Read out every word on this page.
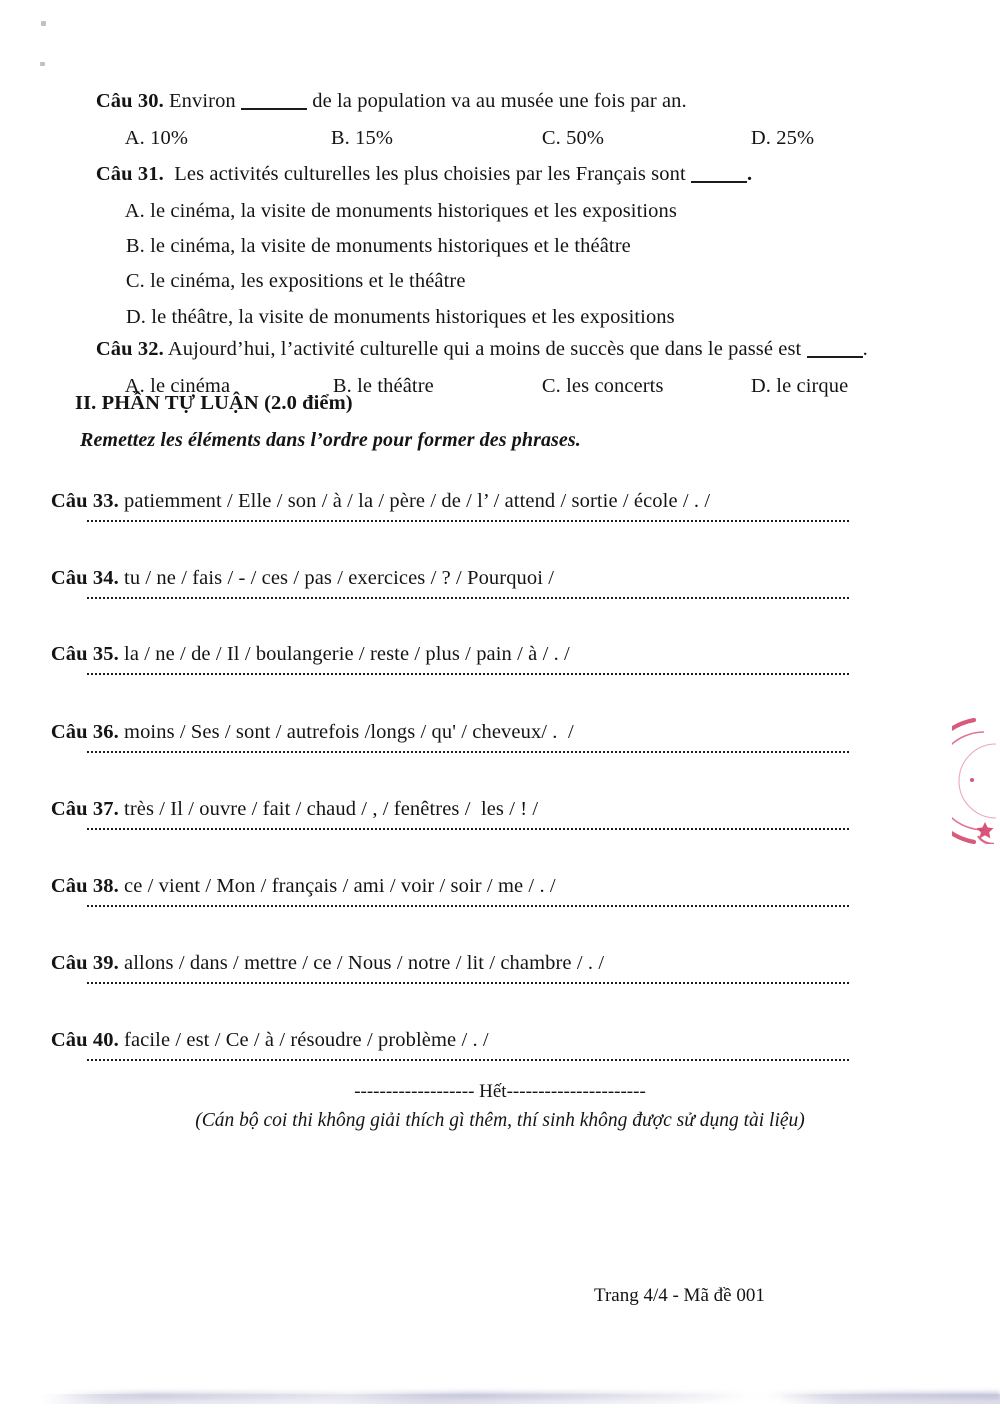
Câu 30. Environ	de la population va au musée une fois par an.

A. 10%
	B. 15%
	C. 50%
	D. 25%

Câu 31.  Les activités culturelles les plus choisies par les Français sont	.

A. le cinéma, la visite de monuments historiques et les expositions

B. le cinéma, la visite de monuments historiques et le théâtre

C. le cinéma, les expositions et le théâtre

D. le théâtre, la visite de monuments historiques et les expositions

Câu 32. Aujourd’hui, l’activité culturelle qui a moins de succès que dans le passé est	.

A. le cinéma
	B. le théâtre
	C. les concerts
	D. le cirque

II. PHẦN TỰ LUẬN (2.0 điểm)
Remettez les éléments dans l’ordre pour former des phrases.

Câu 33. patiemment / Elle / son / à / la / père / de / l’ / attend / sortie / école / . /

Câu 34. tu / ne / fais / - / ces / pas / exercices / ? / Pourquoi /

Câu 35. la / ne / de / Il / boulangerie / reste / plus / pain / à / . /

Câu 36. moins / Ses / sont / autrefois /longs / qu' / cheveux/ .  /

Câu 37. très / Il / ouvre / fait / chaud / , / fenêtres /  les / ! /

Câu 38. ce / vient / Mon / français / ami / voir / soir / me / . /

Câu 39. allons / dans / mettre / ce / Nous / notre / lit / chambre / . /

Câu 40. facile / est / Ce / à / résoudre / problème / . /

------------------- Hết----------------------
(Cán bộ coi thi không giải thích gì thêm, thí sinh không được sử dụng tài liệu)
Trang 4/4 - Mã đề 001
